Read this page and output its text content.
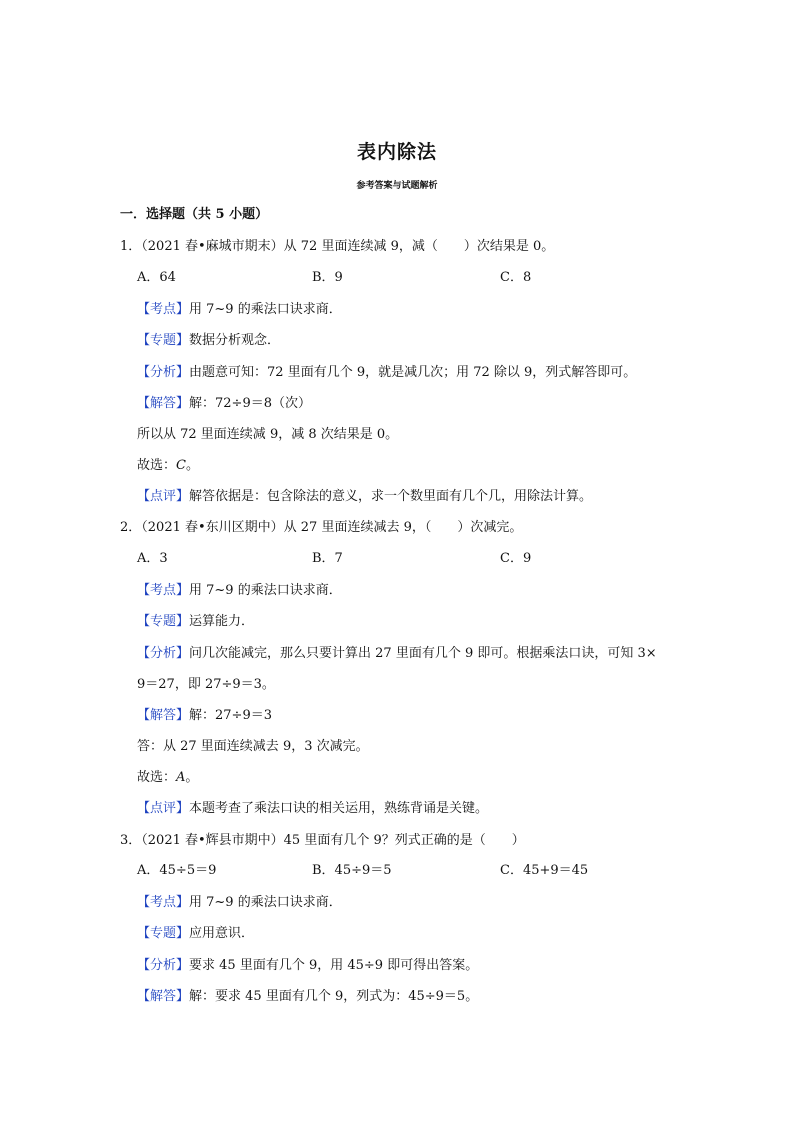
表内除法
参考答案与试题解析
一．选择题（共 5 小题）
1．（2021 春•麻城市期末）从 72 里面连续减 9，减（　　）次结果是 0。
A．64	B．9	C．8
【考点】用 7~9 的乘法口诀求商．
【专题】数据分析观念．
【分析】由题意可知：72 里面有几个 9，就是减几次；用 72 除以 9，列式解答即可。
【解答】解：72÷9＝8（次）
所以从 72 里面连续减 9，减 8 次结果是 0。
故选：C。
【点评】解答依据是：包含除法的意义，求一个数里面有几个几，用除法计算。
2．（2021 春•东川区期中）从 27 里面连续减去 9，（　　）次减完。
A．3	B．7	C．9
【考点】用 7~9 的乘法口诀求商．
【专题】运算能力．
【分析】问几次能减完，那么只要计算出 27 里面有几个 9 即可。根据乘法口诀，可知 3×
9＝27，即 27÷9＝3。
【解答】解：27÷9＝3
答：从 27 里面连续减去 9，3 次减完。
故选：A。
【点评】本题考查了乘法口诀的相关运用，熟练背诵是关键。
3．（2021 春•辉县市期中）45 里面有几个 9？列式正确的是（　　）
A．45÷5＝9	B．45÷9＝5	C．45+9＝45
【考点】用 7~9 的乘法口诀求商．
【专题】应用意识．
【分析】要求 45 里面有几个 9，用 45÷9 即可得出答案。
【解答】解：要求 45 里面有几个 9，列式为：45÷9＝5。
